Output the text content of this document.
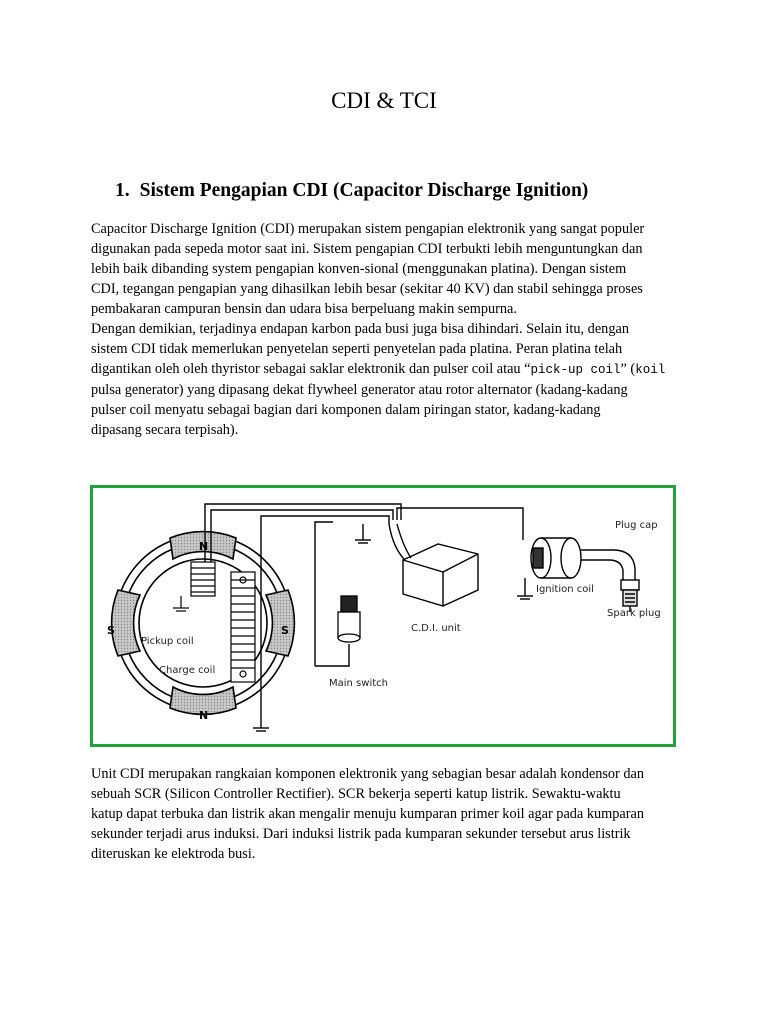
CDI & TCI
1. Sistem Pengapian CDI (Capacitor Discharge Ignition)
Capacitor Discharge Ignition (CDI) merupakan sistem pengapian elektronik yang sangat populer
digunakan pada sepeda motor saat ini. Sistem pengapian CDI terbukti lebih menguntungkan dan
lebih baik dibanding system pengapian konven-sional (menggunakan platina). Dengan sistem
CDI, tegangan pengapian yang dihasilkan lebih besar (sekitar 40 KV) dan stabil sehingga proses
pembakaran campuran bensin dan udara bisa berpeluang makin sempurna.
Dengan demikian, terjadinya endapan karbon pada busi juga bisa dihindari. Selain itu, dengan
sistem CDI tidak memerlukan penyetelan seperti penyetelan pada platina. Peran platina telah
digantikan oleh oleh thyristor sebagai saklar elektronik dan pulser coil atau “pick-up coil” (koil
pulsa generator) yang dipasang dekat flywheel generator atau rotor alternator (kadang-kadang
pulser coil menyatu sebagai bagian dari komponen dalam piringan stator, kadang-kadang
dipasang secara terpisah).
N
N
S	S
Pickup coil
Charge coil
C.D.I. unit
Main switch
Ignition coil
Plug cap
Spark plug
Unit CDI merupakan rangkaian komponen elektronik yang sebagian besar adalah kondensor dan
sebuah SCR (Silicon Controller Rectifier). SCR bekerja seperti katup listrik. Sewaktu-waktu
katup dapat terbuka dan listrik akan mengalir menuju kumparan primer koil agar pada kumparan
sekunder terjadi arus induksi. Dari induksi listrik pada kumparan sekunder tersebut arus listrik
diteruskan ke elektroda busi.
